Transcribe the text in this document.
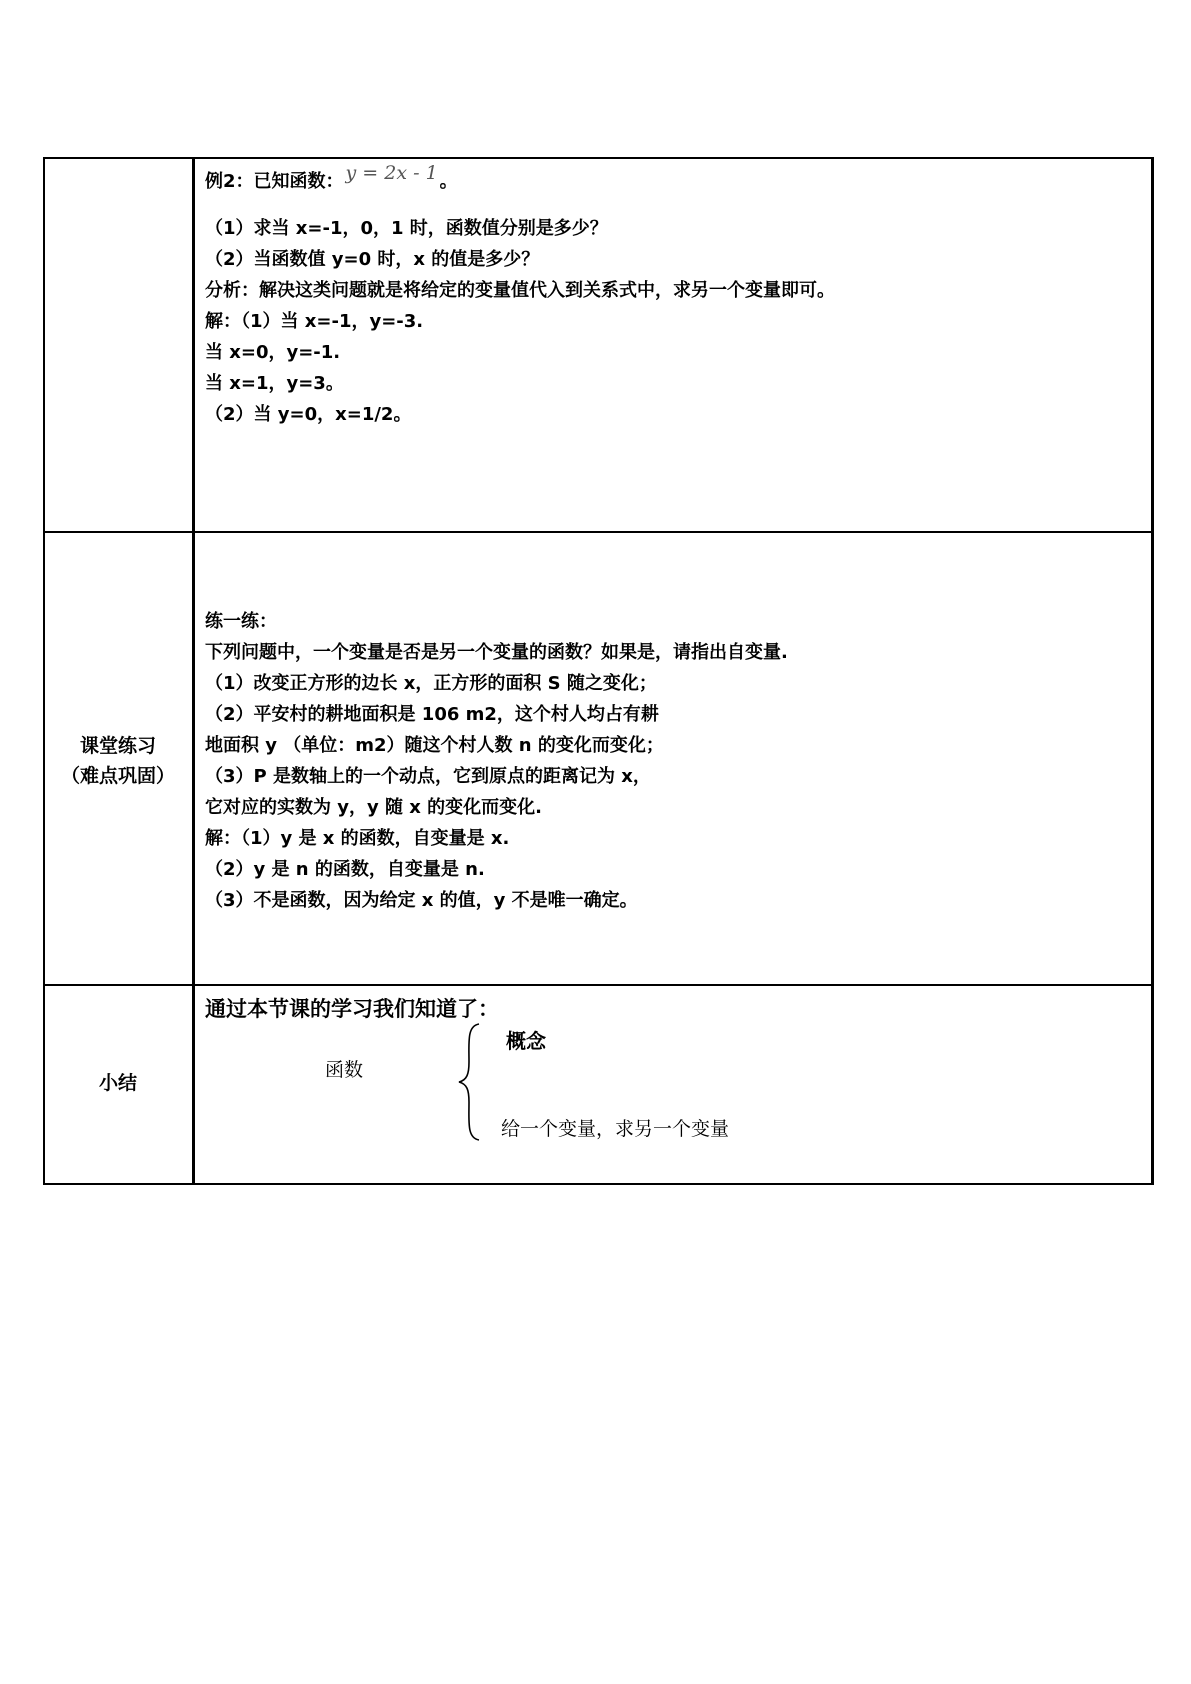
例2：已知函数： y = 2x - 1 。
（1）求当 x=-1，0，1 时，函数值分别是多少？
（2）当函数值 y=0 时，x 的值是多少？
分析：解决这类问题就是将给定的变量值代入到关系式中，求另一个变量即可。
解：（1）当 x=-1，y=-3.
当 x=0，y=-1.
当 x=1，y=3。
（2）当 y=0，x=1/2。
课堂练习
（难点巩固）
练一练：
下列问题中，一个变量是否是另一个变量的函数？如果是，请指出自变量.
（1）改变正方形的边长 x，正方形的面积 S 随之变化；
（2）平安村的耕地面积是 106 m2，这个村人均占有耕
地面积 y （单位：m2）随这个村人数 n 的变化而变化；
（3）P 是数轴上的一个动点，它到原点的距离记为 x，
它对应的实数为 y，y 随 x 的变化而变化.
解：（1）y 是 x 的函数，自变量是 x.
（2）y 是 n 的函数，自变量是 n.
（3）不是函数，因为给定 x 的值，y 不是唯一确定。
小结
通过本节课的学习我们知道了：
函数
概念
给一个变量，求另一个变量
